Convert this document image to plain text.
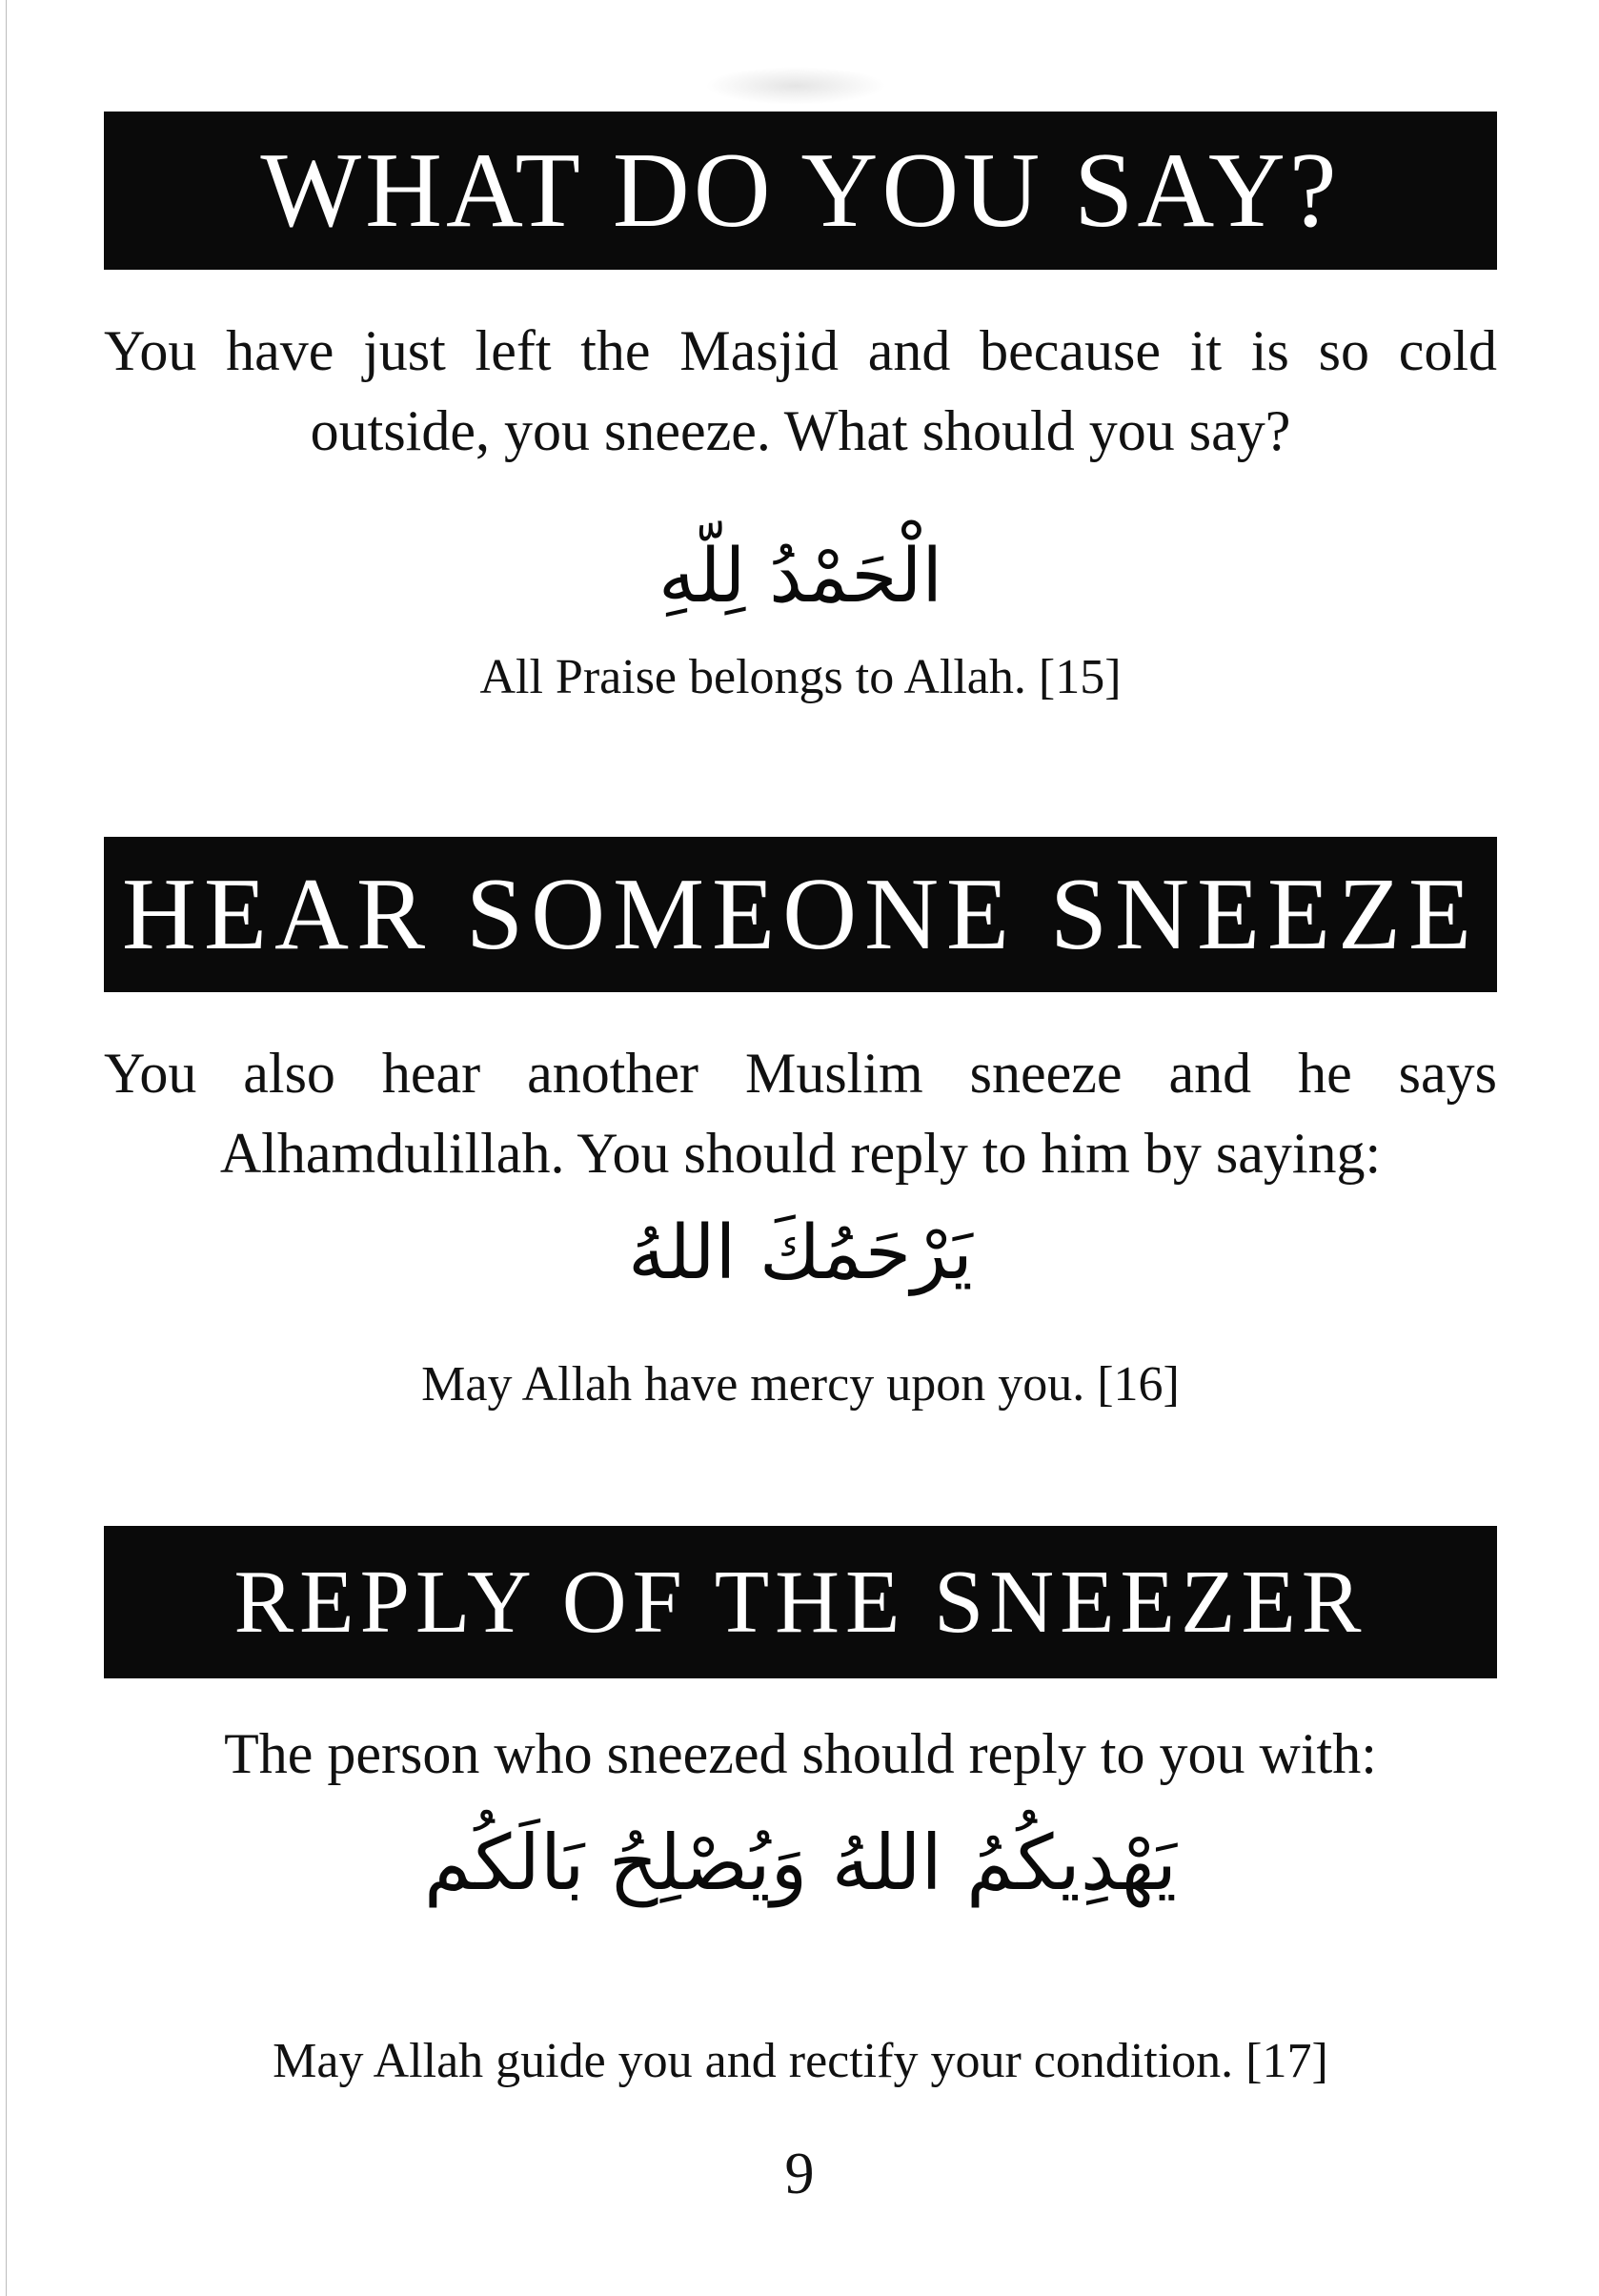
WHAT DO YOU SAY?
You have just left the Masjid and because it is so cold outside, you sneeze. What should you say?
الْحَمْدُ لِلّهِ
All Praise belongs to Allah. [15]
HEAR SOMEONE SNEEZE
You also hear another Muslim sneeze and he says Alhamdulillah. You should reply to him by saying:
يَرْحَمُكَ اللهُ
May Allah have mercy upon you. [16]
REPLY OF THE SNEEZER
The person who sneezed should reply to you with:
يَهْدِيكُمُ اللهُ وَيُصْلِحُ بَالَكُم
May Allah guide you and rectify your condition. [17]
9
